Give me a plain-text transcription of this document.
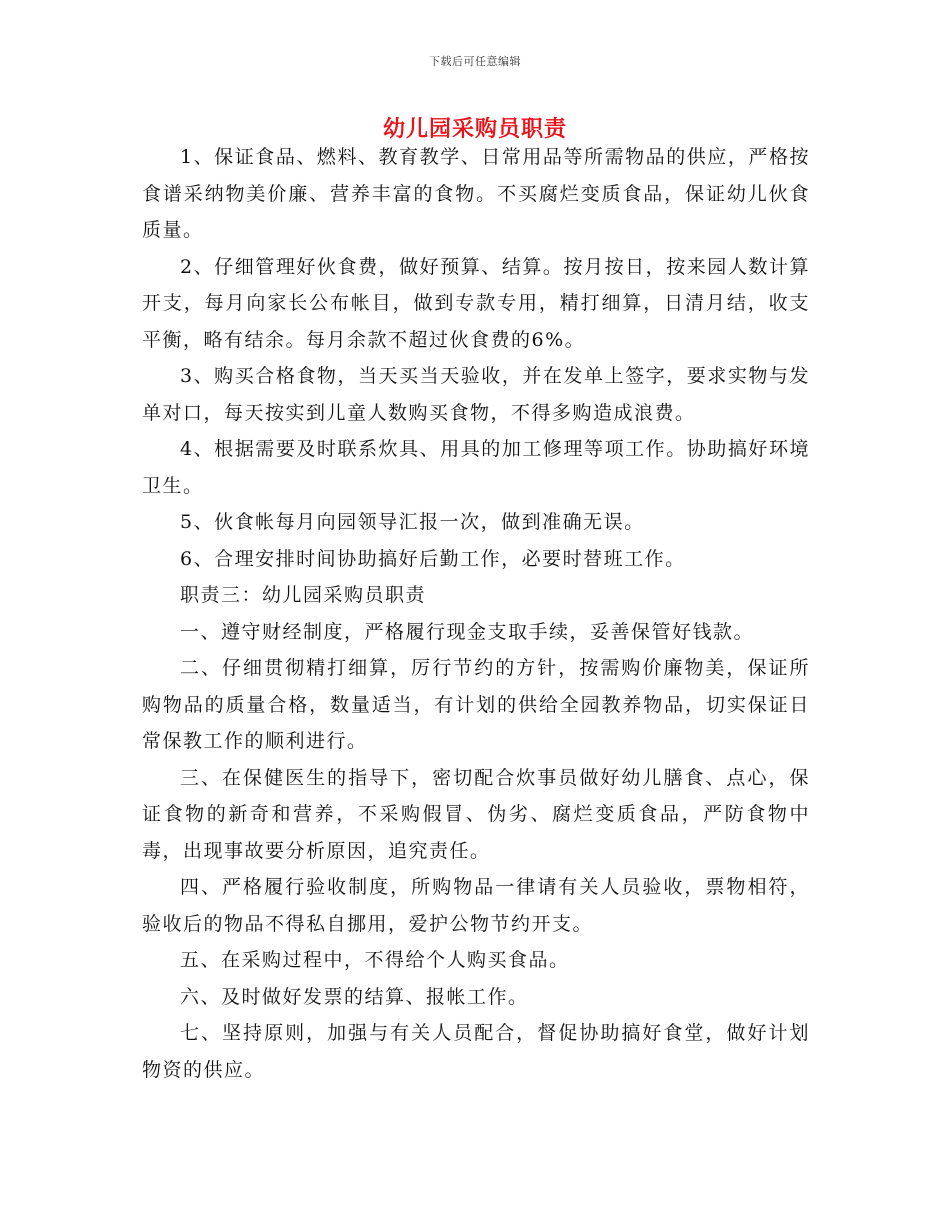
下载后可任意编辑
幼儿园采购员职责

1、保证食品、燃料、教育教学、日常用品等所需物品的供应，严格按食谱采纳物美价廉、营养丰富的食物。不买腐烂变质食品，保证幼儿伙食质量。

2、仔细管理好伙食费，做好预算、结算。按月按日，按来园人数计算开支，每月向家长公布帐目，做到专款专用，精打细算，日清月结，收支平衡，略有结余。每月余款不超过伙食费的6%。

3、购买合格食物，当天买当天验收，并在发单上签字，要求实物与发单对口，每天按实到儿童人数购买食物，不得多购造成浪费。

4、根据需要及时联系炊具、用具的加工修理等项工作。协助搞好环境卫生。

5、伙食帐每月向园领导汇报一次，做到准确无误。

6、合理安排时间协助搞好后勤工作，必要时替班工作。

职责三：幼儿园采购员职责

一、遵守财经制度，严格履行现金支取手续，妥善保管好钱款。

二、仔细贯彻精打细算，厉行节约的方针，按需购价廉物美，保证所购物品的质量合格，数量适当，有计划的供给全园教养物品，切实保证日常保教工作的顺利进行。

三、在保健医生的指导下，密切配合炊事员做好幼儿膳食、点心，保证食物的新奇和营养，不采购假冒、伪劣、腐烂变质食品，严防食物中毒，出现事故要分析原因，追究责任。

四、严格履行验收制度，所购物品一律请有关人员验收，票物相符，验收后的物品不得私自挪用，爱护公物节约开支。

五、在采购过程中，不得给个人购买食品。

六、及时做好发票的结算、报帐工作。

七、坚持原则，加强与有关人员配合，督促协助搞好食堂，做好计划物资的供应。
